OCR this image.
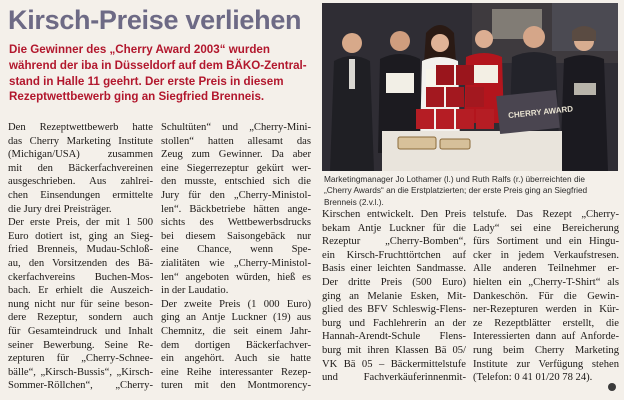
Kirsch-Preise verliehen
Die Gewinner des „Cherry Award 2003“ wurden
während der iba in Düsseldorf auf dem BÄKO-Zentral-
stand in Halle 11 geehrt. Der erste Preis in diesem
Rezeptwettbewerb ging an Siegfried Brenneis.
CHERRY AWARD
Marketingmanager Jo Lothamer (l.) und Ruth Ralfs (r.) überreichten die
„Cherry Awards“ an die Erstplatzierten; der erste Preis ging an Siegfried
Brenneis (2.v.l.).
Den Rezeptwettbewerb hatte
das Cherry Marketing Institute
(Michigan/USA) zusammen
mit den Bäckerfachvereinen
ausgeschrieben. Aus zahlrei-
chen Einsendungen ermittelte
die Jury drei Preisträger.
Der erste Preis, der mit 1 500
Euro dotiert ist, ging an Sieg-
fried Brenneis, Mudau-Schloß-
au, den Vorsitzenden des Bä-
ckerfachvereins Buchen-Mos-
bach. Er erhielt die Auszeich-
nung nicht nur für seine beson-
dere Rezeptur, sondern auch
für Gesamteindruck und Inhalt
seiner Bewerbung. Seine Re-
zepturen für „Cherry-Schnee-
bälle“, „Kirsch-Bussis“, „Kirsch-
Sommer-Röllchen“, „Cherry-
Schultüten“ und „Cherry-Mini-
stollen“ hatten allesamt das
Zeug zum Gewinner. Da aber
eine Siegerrezeptur gekürt wer-
den musste, entschied sich die
Jury für den „Cherry-Ministol-
len“. Bäckbetriebe hätten ange-
sichts des Wettbewerbsdrucks
bei diesem Saisongebäck nur
eine Chance, wenn Spe-
zialitäten wie „Cherry-Ministol-
len“ angeboten würden, hieß es
in der Laudatio.
Der zweite Preis (1 000 Euro)
ging an Antje Luckner (19) aus
Chemnitz, die seit einem Jahr-
dem dortigen Bäckerfachver-
ein angehört. Auch sie hatte
eine Reihe interessanter Rezep-
turen mit den Montmorency-
Kirschen entwickelt. Den Preis
bekam Antje Luckner für die
Rezeptur „Cherry-Bomben“,
ein Kirsch-Fruchttörtchen auf
Basis einer leichten Sandmasse.
Der dritte Preis (500 Euro)
ging an Melanie Esken, Mit-
glied des BFV Schleswig-Flens-
burg und Fachlehrerin an der
Hannah-Arendt-Schule Flens-
burg mit ihren Klassen Bä 05/
VK Bä 05 – Bäckermittelstufe
und Fachverkäuferinnenmit-
telstufe. Das Rezept „Cherry-
Lady“ sei eine Bereicherung
fürs Sortiment und ein Hingu-
cker in jedem Verkaufstresen.
Alle anderen Teilnehmer er-
hielten ein „Cherry-T-Shirt“ als
Dankeschön. Für die Gewin-
ner-Rezepturen werden in Kür-
ze Rezeptblätter erstellt, die
Interessierten dann auf Anforde-
rung beim Cherry Marketing
Institute zur Verfügung stehen
(Telefon: 0 41 01/20 78 24).
